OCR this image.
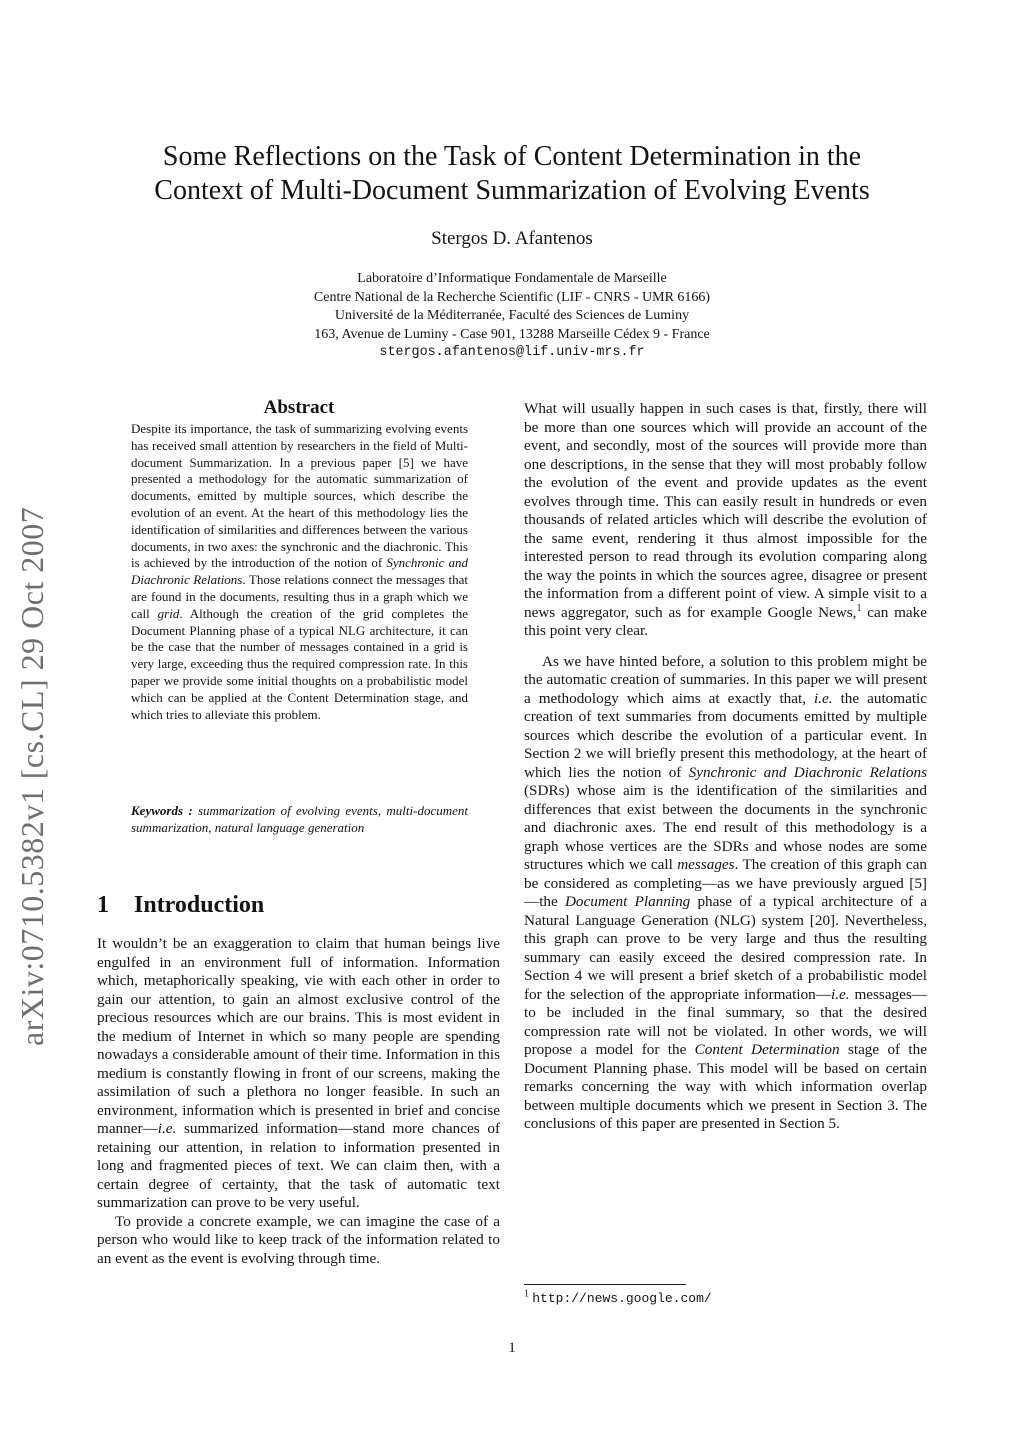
arXiv:0710.5382v1 [cs.CL] 29 Oct 2007
Some Reflections on the Task of Content Determination in the
Context of Multi-Document Summarization of Evolving Events
Stergos D. Afantenos
Laboratoire d’Informatique Fondamentale de Marseille
Centre National de la Recherche Scientific (LIF - CNRS - UMR 6166)
Université de la Méditerranée, Faculté des Sciences de Luminy
163, Avenue de Luminy - Case 901, 13288 Marseille Cédex 9 - France
stergos.afantenos@lif.univ-mrs.fr
Abstract

Despite its importance, the task of summarizing evolving events has received small attention by researchers in the field of Multi-document Summarization. In a previous paper [5] we have presented a methodology for the automatic summarization of documents, emitted by multiple sources, which describe the evolution of an event. At the heart of this methodology lies the identification of similarities and differences between the various documents, in two axes: the synchronic and the diachronic. This is achieved by the introduction of the notion of Synchronic and Diachronic Relations. Those relations connect the messages that are found in the documents, resulting thus in a graph which we call grid. Although the creation of the grid completes the Document Planning phase of a typical NLG architecture, it can be the case that the number of messages contained in a grid is very large, exceeding thus the required compression rate. In this paper we provide some initial thoughts on a probabilistic model which can be applied at the Content Determination stage, and which tries to alleviate this problem.

Keywords : summarization of evolving events, multi-document summarization, natural language generation

1 Introduction

It wouldn’t be an exaggeration to claim that human beings live engulfed in an environment full of information. Information which, metaphorically speaking, vie with each other in order to gain our attention, to gain an almost exclusive control of the precious resources which are our brains. This is most evident in the medium of Internet in which so many people are spending nowadays a considerable amount of their time. Information in this medium is constantly flowing in front of our screens, making the assimilation of such a plethora no longer feasible. In such an environment, information which is presented in brief and concise manner—i.e. summarized information—stand more chances of retaining our attention, in relation to information presented in long and fragmented pieces of text. We can claim then, with a certain degree of certainty, that the task of automatic text summarization can prove to be very useful.

To provide a concrete example, we can imagine the case of a person who would like to keep track of the information related to an event as the event is evolving through time.

What will usually happen in such cases is that, firstly, there will be more than one sources which will provide an account of the event, and secondly, most of the sources will provide more than one descriptions, in the sense that they will most probably follow the evolution of the event and provide updates as the event evolves through time. This can easily result in hundreds or even thousands of related articles which will describe the evolution of the same event, rendering it thus almost impossible for the interested person to read through its evolution comparing along the way the points in which the sources agree, disagree or present the information from a different point of view. A simple visit to a news aggregator, such as for example Google News,$^1$ can make this point very clear.

As we have hinted before, a solution to this problem might be the automatic creation of summaries. In this paper we will present a methodology which aims at exactly that, i.e. the automatic creation of text summaries from documents emitted by multiple sources which describe the evolution of a particular event. In Section 2 we will briefly present this methodology, at the heart of which lies the notion of Synchronic and Diachronic Relations (SDRs) whose aim is the identification of the similarities and differences that exist between the documents in the synchronic and diachronic axes. The end result of this methodology is a graph whose vertices are the SDRs and whose nodes are some structures which we call messages. The creation of this graph can be considered as completing—as we have previously argued [5]—the Document Planning phase of a typical architecture of a Natural Language Generation (NLG) system [20]. Nevertheless, this graph can prove to be very large and thus the resulting summary can easily exceed the desired compression rate. In Section 4 we will present a brief sketch of a probabilistic model for the selection of the appropriate information—i.e. messages—to be included in the final summary, so that the desired compression rate will not be violated. In other words, we will propose a model for the Content Determination stage of the Document Planning phase. This model will be based on certain remarks concerning the way with which information overlap between multiple documents which we present in Section 3. The conclusions of this paper are presented in Section 5.

$^1$ http://news.google.com/
1
